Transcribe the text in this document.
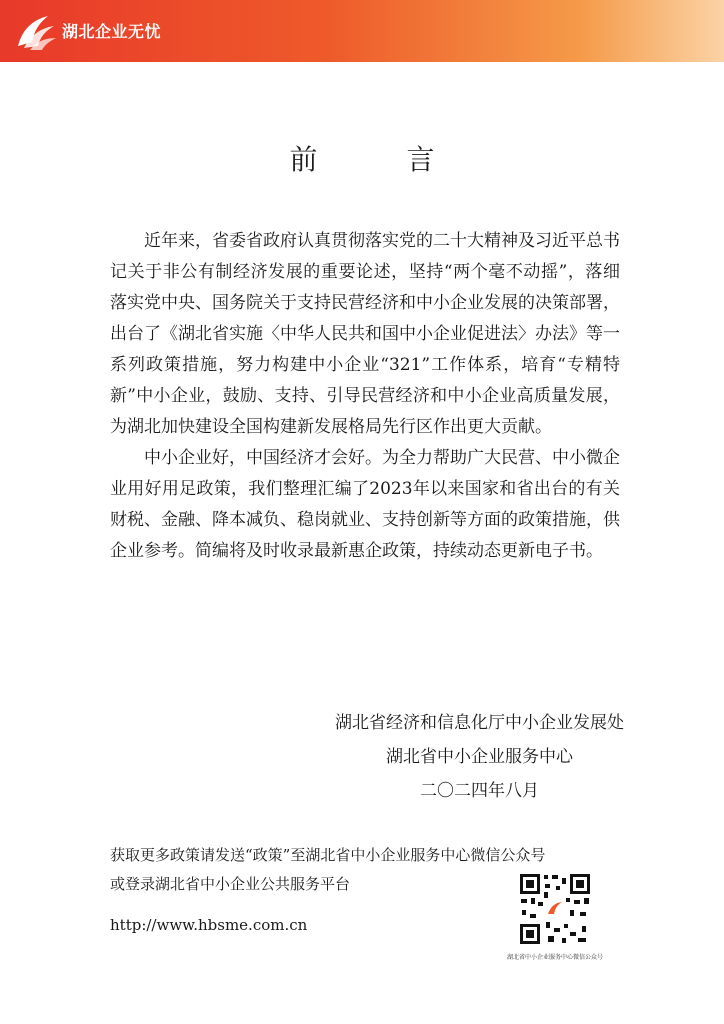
湖北企业无忧
前 言

近年来，省委省政府认真贯彻落实党的二十大精神及习近平总书记关于非公有制经济发展的重要论述，坚持“两个毫不动摇”，落细落实党中央、国务院关于支持民营经济和中小企业发展的决策部署，出台了《湖北省实施〈中华人民共和国中小企业促进法〉办法》等一系列政策措施，努力构建中小企业“321”工作体系，培育“专精特新”中小企业，鼓励、支持、引导民营经济和中小企业高质量发展，为湖北加快建设全国构建新发展格局先行区作出更大贡献。

中小企业好，中国经济才会好。为全力帮助广大民营、中小微企业用好用足政策，我们整理汇编了2023年以来国家和省出台的有关财税、金融、降本减负、稳岗就业、支持创新等方面的政策措施，供企业参考。简编将及时收录最新惠企政策，持续动态更新电子书。

湖北省经济和信息化厅中小企业发展处
湖北省中小企业服务中心
二〇二四年八月
获取更多政策请发送“政策”至湖北省中小企业服务中心微信公众号
或登录湖北省中小企业公共服务平台
http://www.hbsme.com.cn
湖北省中小企业服务中心微信公众号
